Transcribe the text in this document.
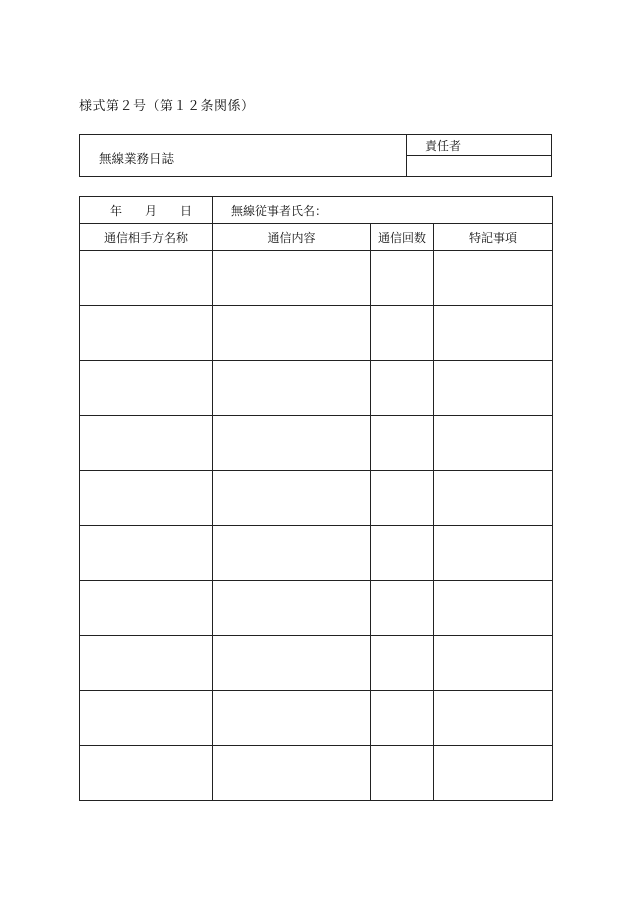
様式第２号（第１２条関係）
無線業務日誌	責任者

年 月 日	無線従事者氏名：		
通信相手方名称	通信内容	通信回数	特記事項
